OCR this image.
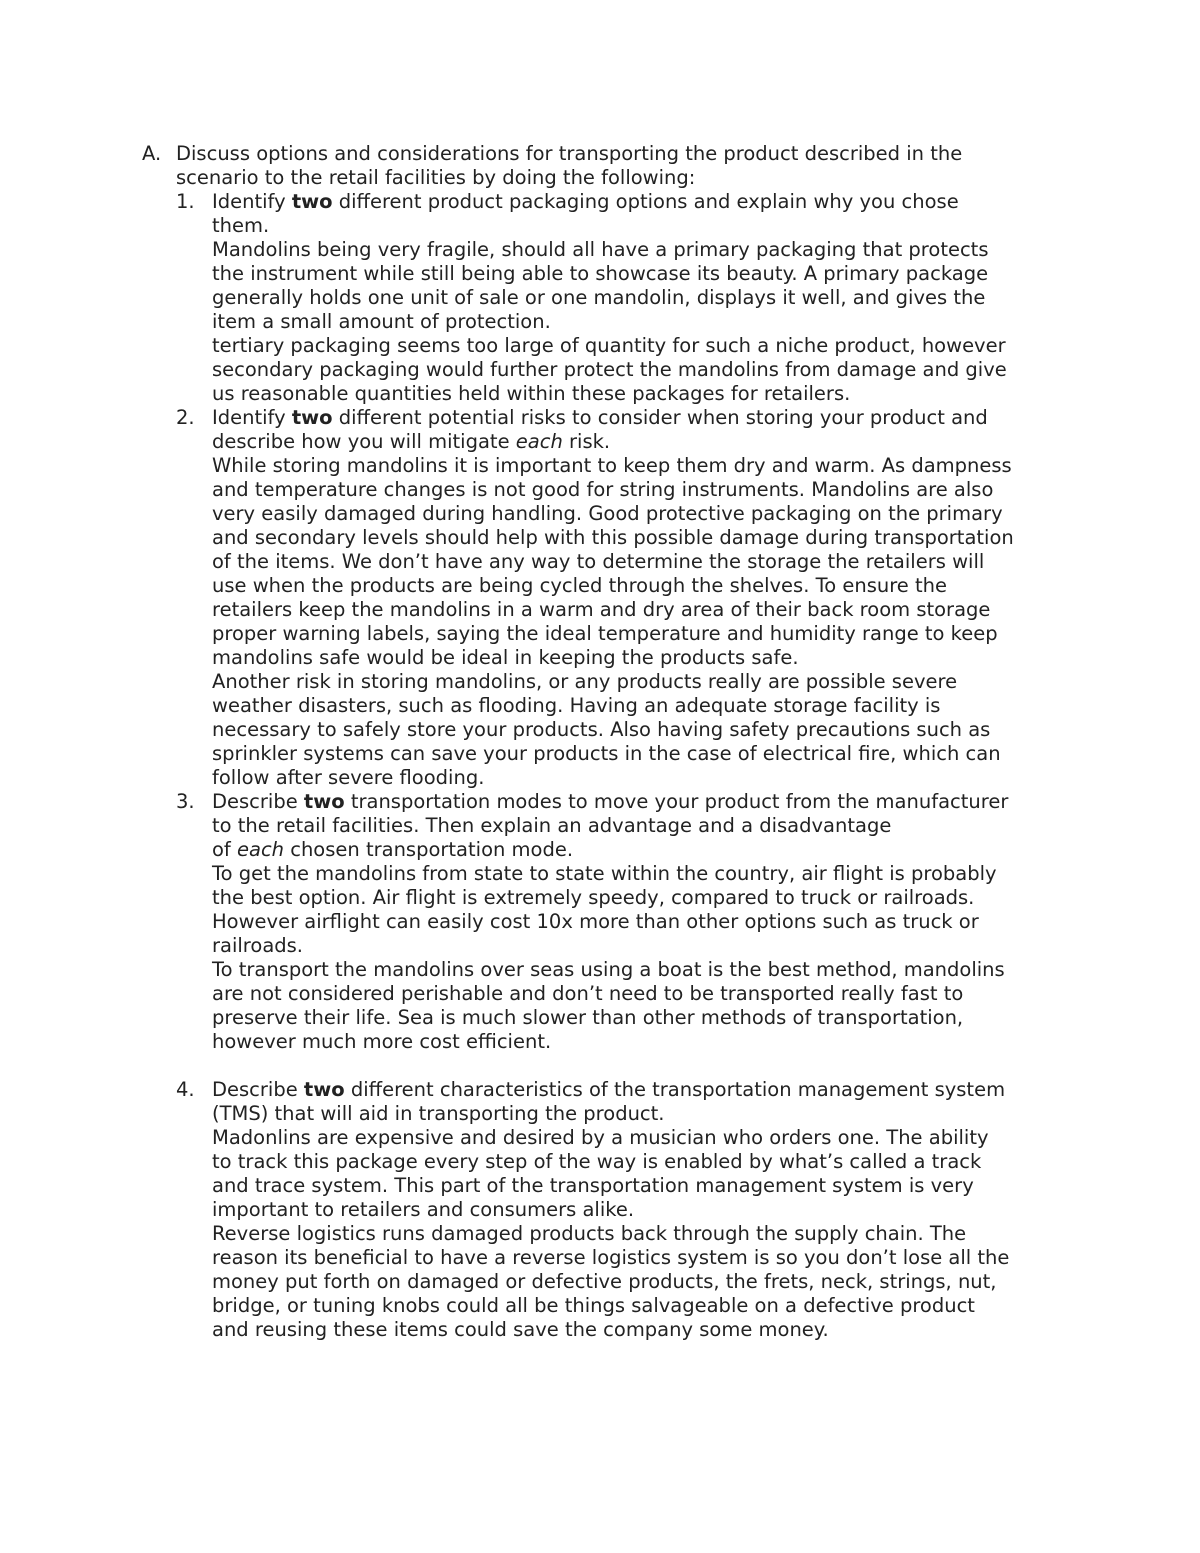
A. Discuss options and considerations for transporting the product described in the
scenario to the retail facilities by doing the following:
1. Identify two different product packaging options and explain why you chose
them.
Mandolins being very fragile, should all have a primary packaging that protects
the instrument while still being able to showcase its beauty. A primary package
generally holds one unit of sale or one mandolin, displays it well, and gives the
item a small amount of protection.
tertiary packaging seems too large of quantity for such a niche product, however
secondary packaging would further protect the mandolins from damage and give
us reasonable quantities held within these packages for retailers.
2. Identify two different potential risks to consider when storing your product and
describe how you will mitigate each risk.
While storing mandolins it is important to keep them dry and warm. As dampness
and temperature changes is not good for string instruments. Mandolins are also
very easily damaged during handling. Good protective packaging on the primary
and secondary levels should help with this possible damage during transportation
of the items. We don’t have any way to determine the storage the retailers will
use when the products are being cycled through the shelves. To ensure the
retailers keep the mandolins in a warm and dry area of their back room storage
proper warning labels, saying the ideal temperature and humidity range to keep
mandolins safe would be ideal in keeping the products safe.
Another risk in storing mandolins, or any products really are possible severe
weather disasters, such as flooding. Having an adequate storage facility is
necessary to safely store your products. Also having safety precautions such as
sprinkler systems can save your products in the case of electrical fire, which can
follow after severe flooding.
3. Describe two transportation modes to move your product from the manufacturer
to the retail facilities. Then explain an advantage and a disadvantage
of each chosen transportation mode.
To get the mandolins from state to state within the country, air flight is probably
the best option. Air flight is extremely speedy, compared to truck or railroads.
However airflight can easily cost 10x more than other options such as truck or
railroads.
To transport the mandolins over seas using a boat is the best method, mandolins
are not considered perishable and don’t need to be transported really fast to
preserve their life. Sea is much slower than other methods of transportation,
however much more cost efficient.
4. Describe two different characteristics of the transportation management system
(TMS) that will aid in transporting the product.
Madonlins are expensive and desired by a musician who orders one. The ability
to track this package every step of the way is enabled by what’s called a track
and trace system. This part of the transportation management system is very
important to retailers and consumers alike.
Reverse logistics runs damaged products back through the supply chain. The
reason its beneficial to have a reverse logistics system is so you don’t lose all the
money put forth on damaged or defective products, the frets, neck, strings, nut,
bridge, or tuning knobs could all be things salvageable on a defective product
and reusing these items could save the company some money.
